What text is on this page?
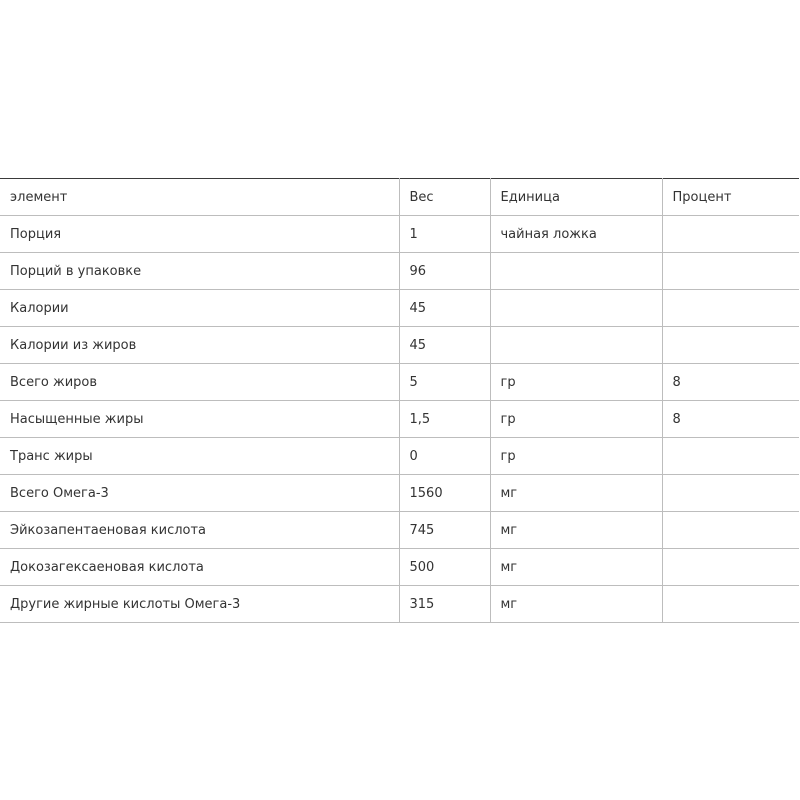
элемент	Вес	Единица	Процент
Порция	1	чайная ложка	
Порций в упаковке	96		
Калории	45		
Калории из жиров	45		
Всего жиров	5	гр	8
Насыщенные жиры	1,5	гр	8
Транс жиры	0	гр	
Всего Омега-3	1560	мг	
Эйкозапентаеновая кислота	745	мг	
Докозагексаеновая кислота	500	мг	
Другие жирные кислоты Омега-3	315	мг	
